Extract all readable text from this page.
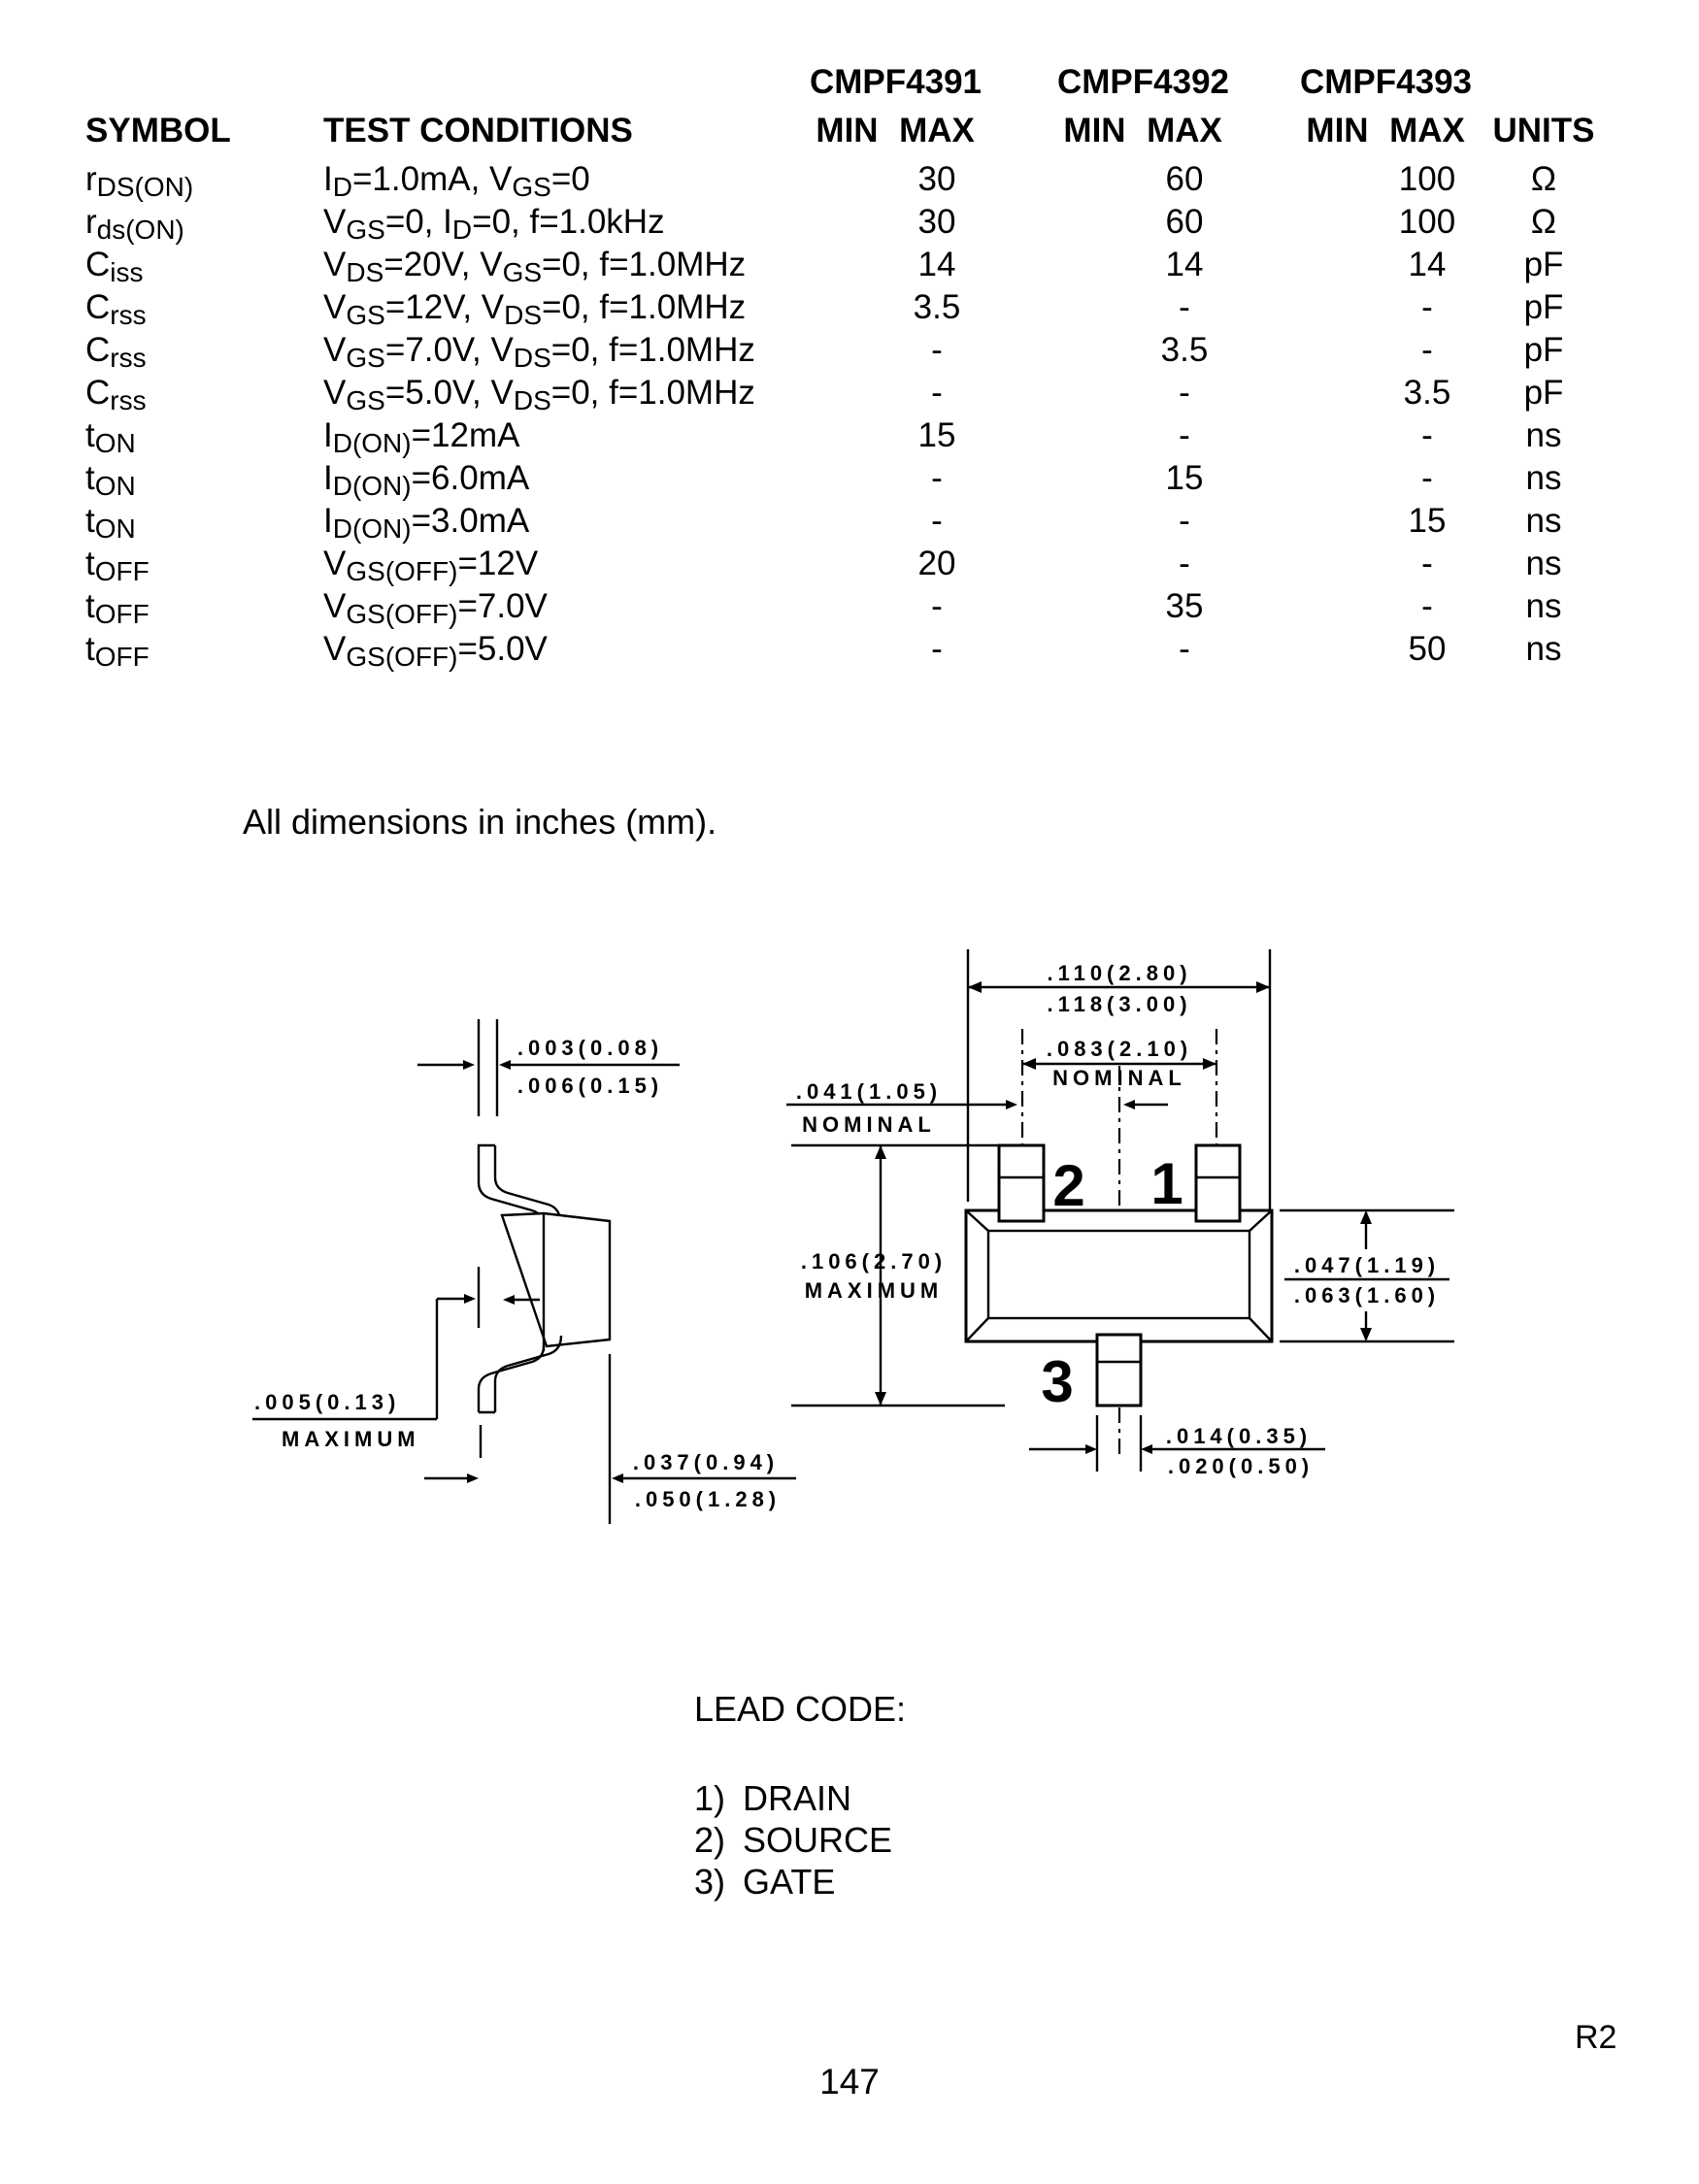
CMPF4391 CMPF4392 CMPF4393
SYMBOL	TEST CONDITIONS	MIN MAX	MIN MAX	MIN MAX UNITS
$r_{DS(ON)}$	$I_D =1.0mA$, $V_{GS} =0$	30	60	100	Ω
$r_{ds(ON)}$	$V_{GS} =0$, $I_D =0$, f=1.0kHz	30	60	100	Ω
$C_{iss}$	$V_{DS} =20V$, $V_{GS} =0$, f=1.0MHz	14	14	14	pF
$C_{rss}$	$V_{GS} =12V$, $V_{DS} =0$, f=1.0MHz	3.5	-	-	pF
$C_{rss}$	$V_{GS} =7.0V$, $V_{DS} =0$, f=1.0MHz	-	3.5	-	pF
$C_{rss}$	$V_{GS} =5.0V$, $V_{DS} =0$, f=1.0MHz	-	-	3.5	pF
$t_{ON}$	$I_{D(ON)} =12mA$	15	-	-	ns
$t_{ON}$	$I_{D(ON)} =6.0mA$	-	15	-	ns
$t_{ON}$	$I_{D(ON)} =3.0mA$	-	-	15	ns
$t_{OFF}$	$V_{GS(OFF)} =12V$	20	-	-	ns
$t_{OFF}$	$V_{GS(OFF)} =7.0V$	-	35	-	ns
$t_{OFF}$	$V_{GS(OFF)} =5.0V$	-	-	50	ns
All dimensions in inches (mm).
.003(0.08)
.006(0.15)
.005(0.13)
MAXIMUM
.037(0.94)
.050(1.28)
.110(2.80)
.118(3.00)
.083(2.10)
NOMINAL
.041(1.05)
NOMINAL
.106(2.70)
MAXIMUM
2 1
3
.014(0.35)
.020(0.50)
.047(1.19)
.063(1.60)
LEAD CODE:
1) DRAIN
2) SOURCE
3) GATE
R2
147
